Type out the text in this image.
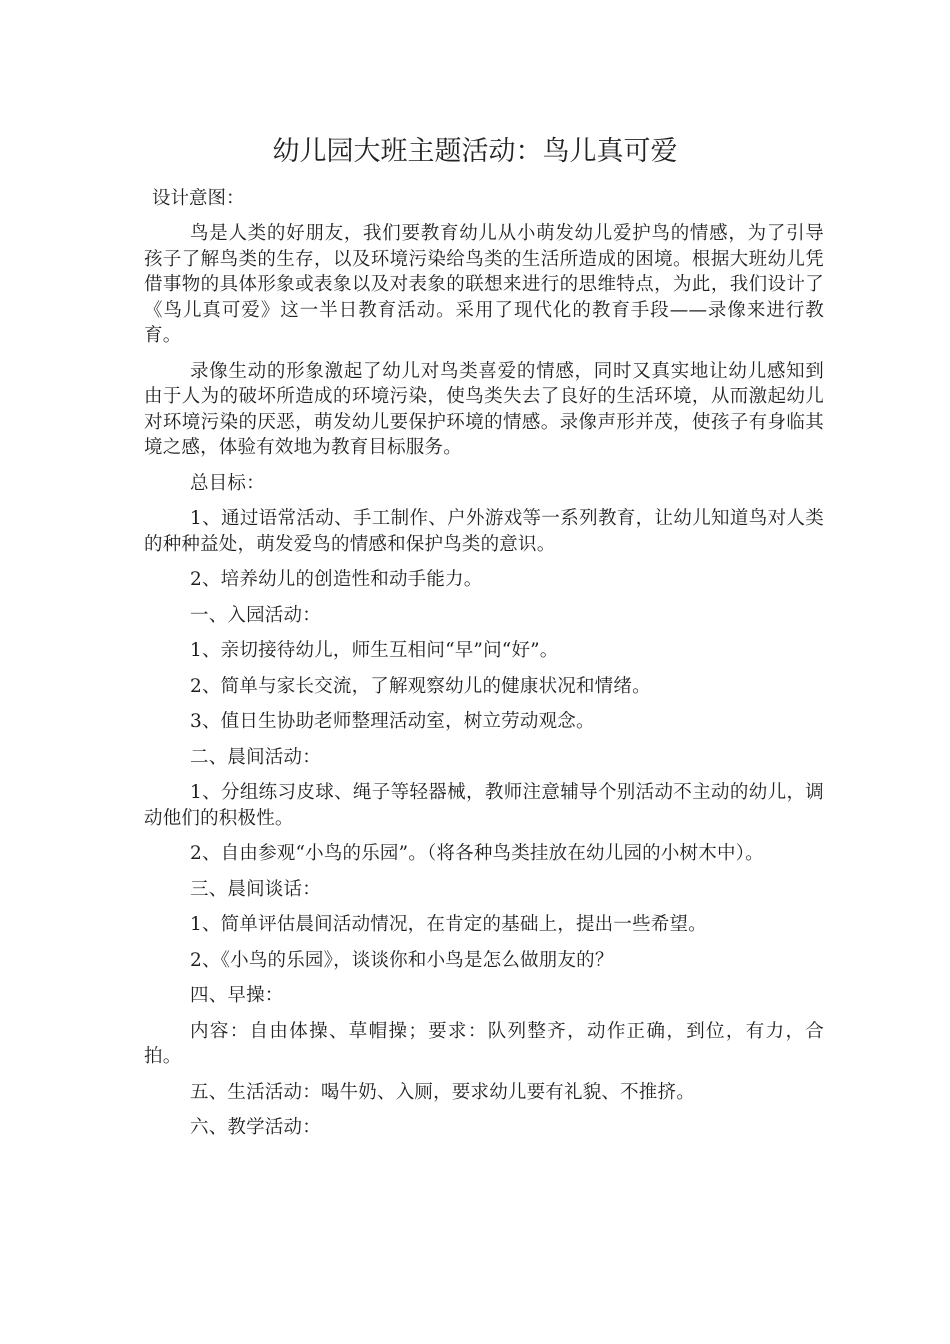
幼儿园大班主题活动：鸟儿真可爱
设计意图：

鸟是人类的好朋友，我们要教育幼儿从小萌发幼儿爱护鸟的情感，为了引导孩子了解鸟类的生存，以及环境污染给鸟类的生活所造成的困境。根据大班幼儿凭借事物的具体形象或表象以及对表象的联想来进行的思维特点，为此，我们设计了《鸟儿真可爱》这一半日教育活动。采用了现代化的教育手段——录像来进行教育。

录像生动的形象激起了幼儿对鸟类喜爱的情感，同时又真实地让幼儿感知到由于人为的破坏所造成的环境污染，使鸟类失去了良好的生活环境，从而激起幼儿对环境污染的厌恶，萌发幼儿要保护环境的情感。录像声形并茂，使孩子有身临其境之感，体验有效地为教育目标服务。

总目标：

1、通过语常活动、手工制作、户外游戏等一系列教育，让幼儿知道鸟对人类的种种益处，萌发爱鸟的情感和保护鸟类的意识。

2、培养幼儿的创造性和动手能力。

一、入园活动：

1、亲切接待幼儿，师生互相问“早”问“好”。

2、简单与家长交流，了解观察幼儿的健康状况和情绪。

3、值日生协助老师整理活动室，树立劳动观念。

二、晨间活动：

1、分组练习皮球、绳子等轻器械，教师注意辅导个别活动不主动的幼儿，调动他们的积极性。

2、自由参观“小鸟的乐园”。（将各种鸟类挂放在幼儿园的小树木中）。

三、晨间谈话：

1、简单评估晨间活动情况，在肯定的基础上，提出一些希望。

2、《小鸟的乐园》，谈谈你和小鸟是怎么做朋友的？

四、早操：

内容：自由体操、草帽操；要求：队列整齐，动作正确，到位，有力，合拍。

五、生活活动：喝牛奶、入厕，要求幼儿要有礼貌、不推挤。

六、教学活动：
